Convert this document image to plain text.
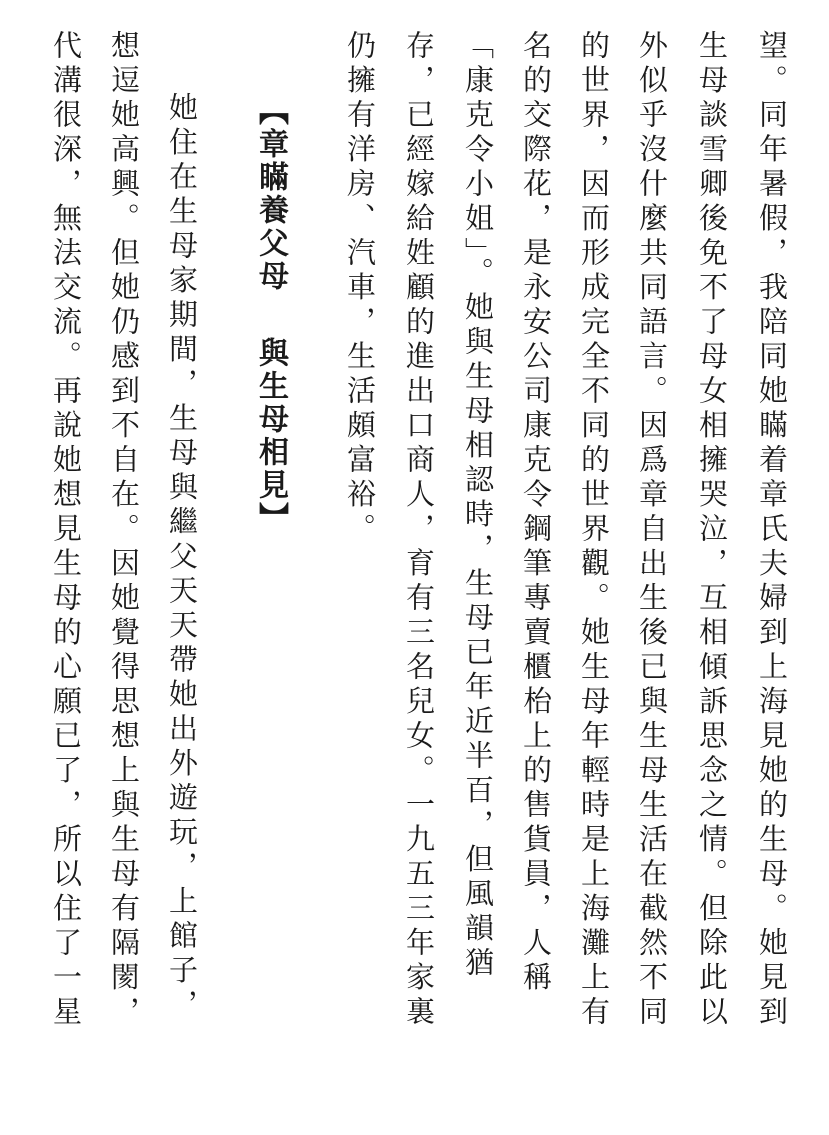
望。同年暑假，我陪同她瞞着章氏夫婦到上海見她的生母。她見到
生母談雪卿後免不了母女相擁哭泣，互相傾訴思念之情。但除此以
外似乎沒什麼共同語言。因爲章自出生後已與生母生活在截然不同
的世界，因而形成完全不同的世界觀。她生母年輕時是上海灘上有
名的交際花，是永安公司康克令鋼筆專賣櫃枱上的售貨員，人稱
「康克令小姐」。她與生母相認時，生母已年近半百，但風韻猶
存，已經嫁給姓顧的進出口商人，育有三名兒女。一九五三年家裏
仍擁有洋房、汽車，生活頗富裕。
【章瞞養父母與生母相見】
她住在生母家期間，生母與繼父天天帶她出外遊玩，上館子，
想逗她高興。但她仍感到不自在。因她覺得思想上與生母有隔閡，
代溝很深，無法交流。再說她想見生母的心願已了，所以住了一星
